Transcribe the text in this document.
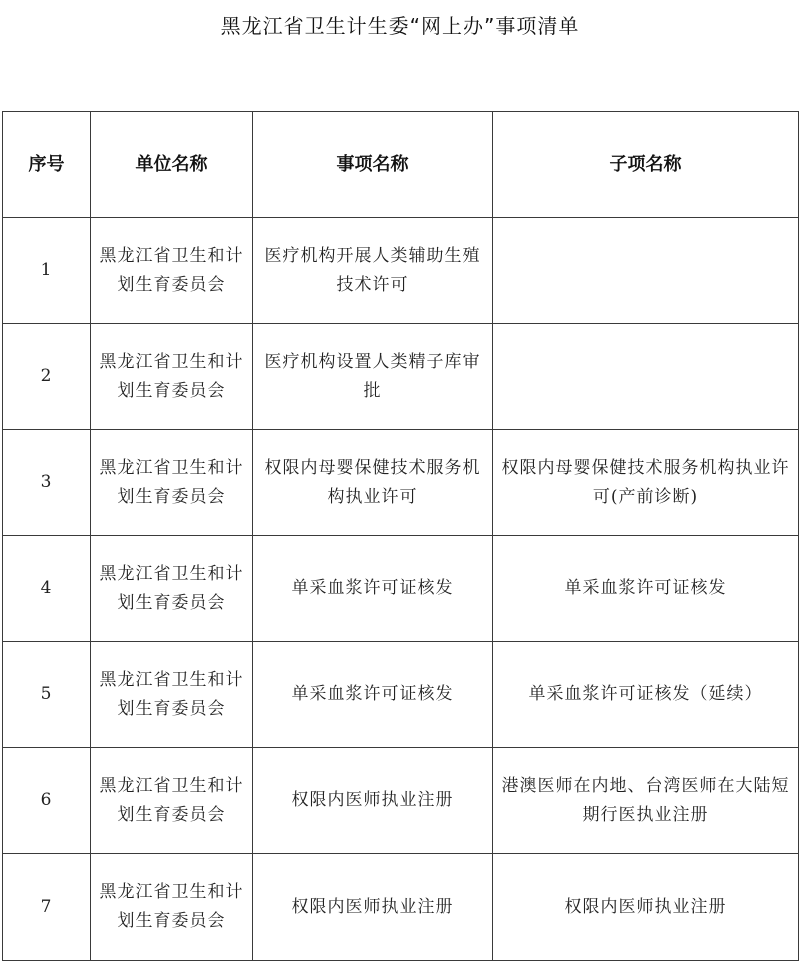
黑龙江省卫生计生委“网上办”事项清单
序号	单位名称	事项名称	子项名称
1	黑龙江省卫生和计划生育委员会	医疗机构开展人类辅助生殖技术许可	
2	黑龙江省卫生和计划生育委员会	医疗机构设置人类精子库审批	
3	黑龙江省卫生和计划生育委员会	权限内母婴保健技术服务机构执业许可	权限内母婴保健技术服务机构执业许可(产前诊断)
4	黑龙江省卫生和计划生育委员会	单采血浆许可证核发	单采血浆许可证核发
5	黑龙江省卫生和计划生育委员会	单采血浆许可证核发	单采血浆许可证核发（延续）
6	黑龙江省卫生和计划生育委员会	权限内医师执业注册	港澳医师在内地、台湾医师在大陆短期行医执业注册
7	黑龙江省卫生和计划生育委员会	权限内医师执业注册	权限内医师执业注册
